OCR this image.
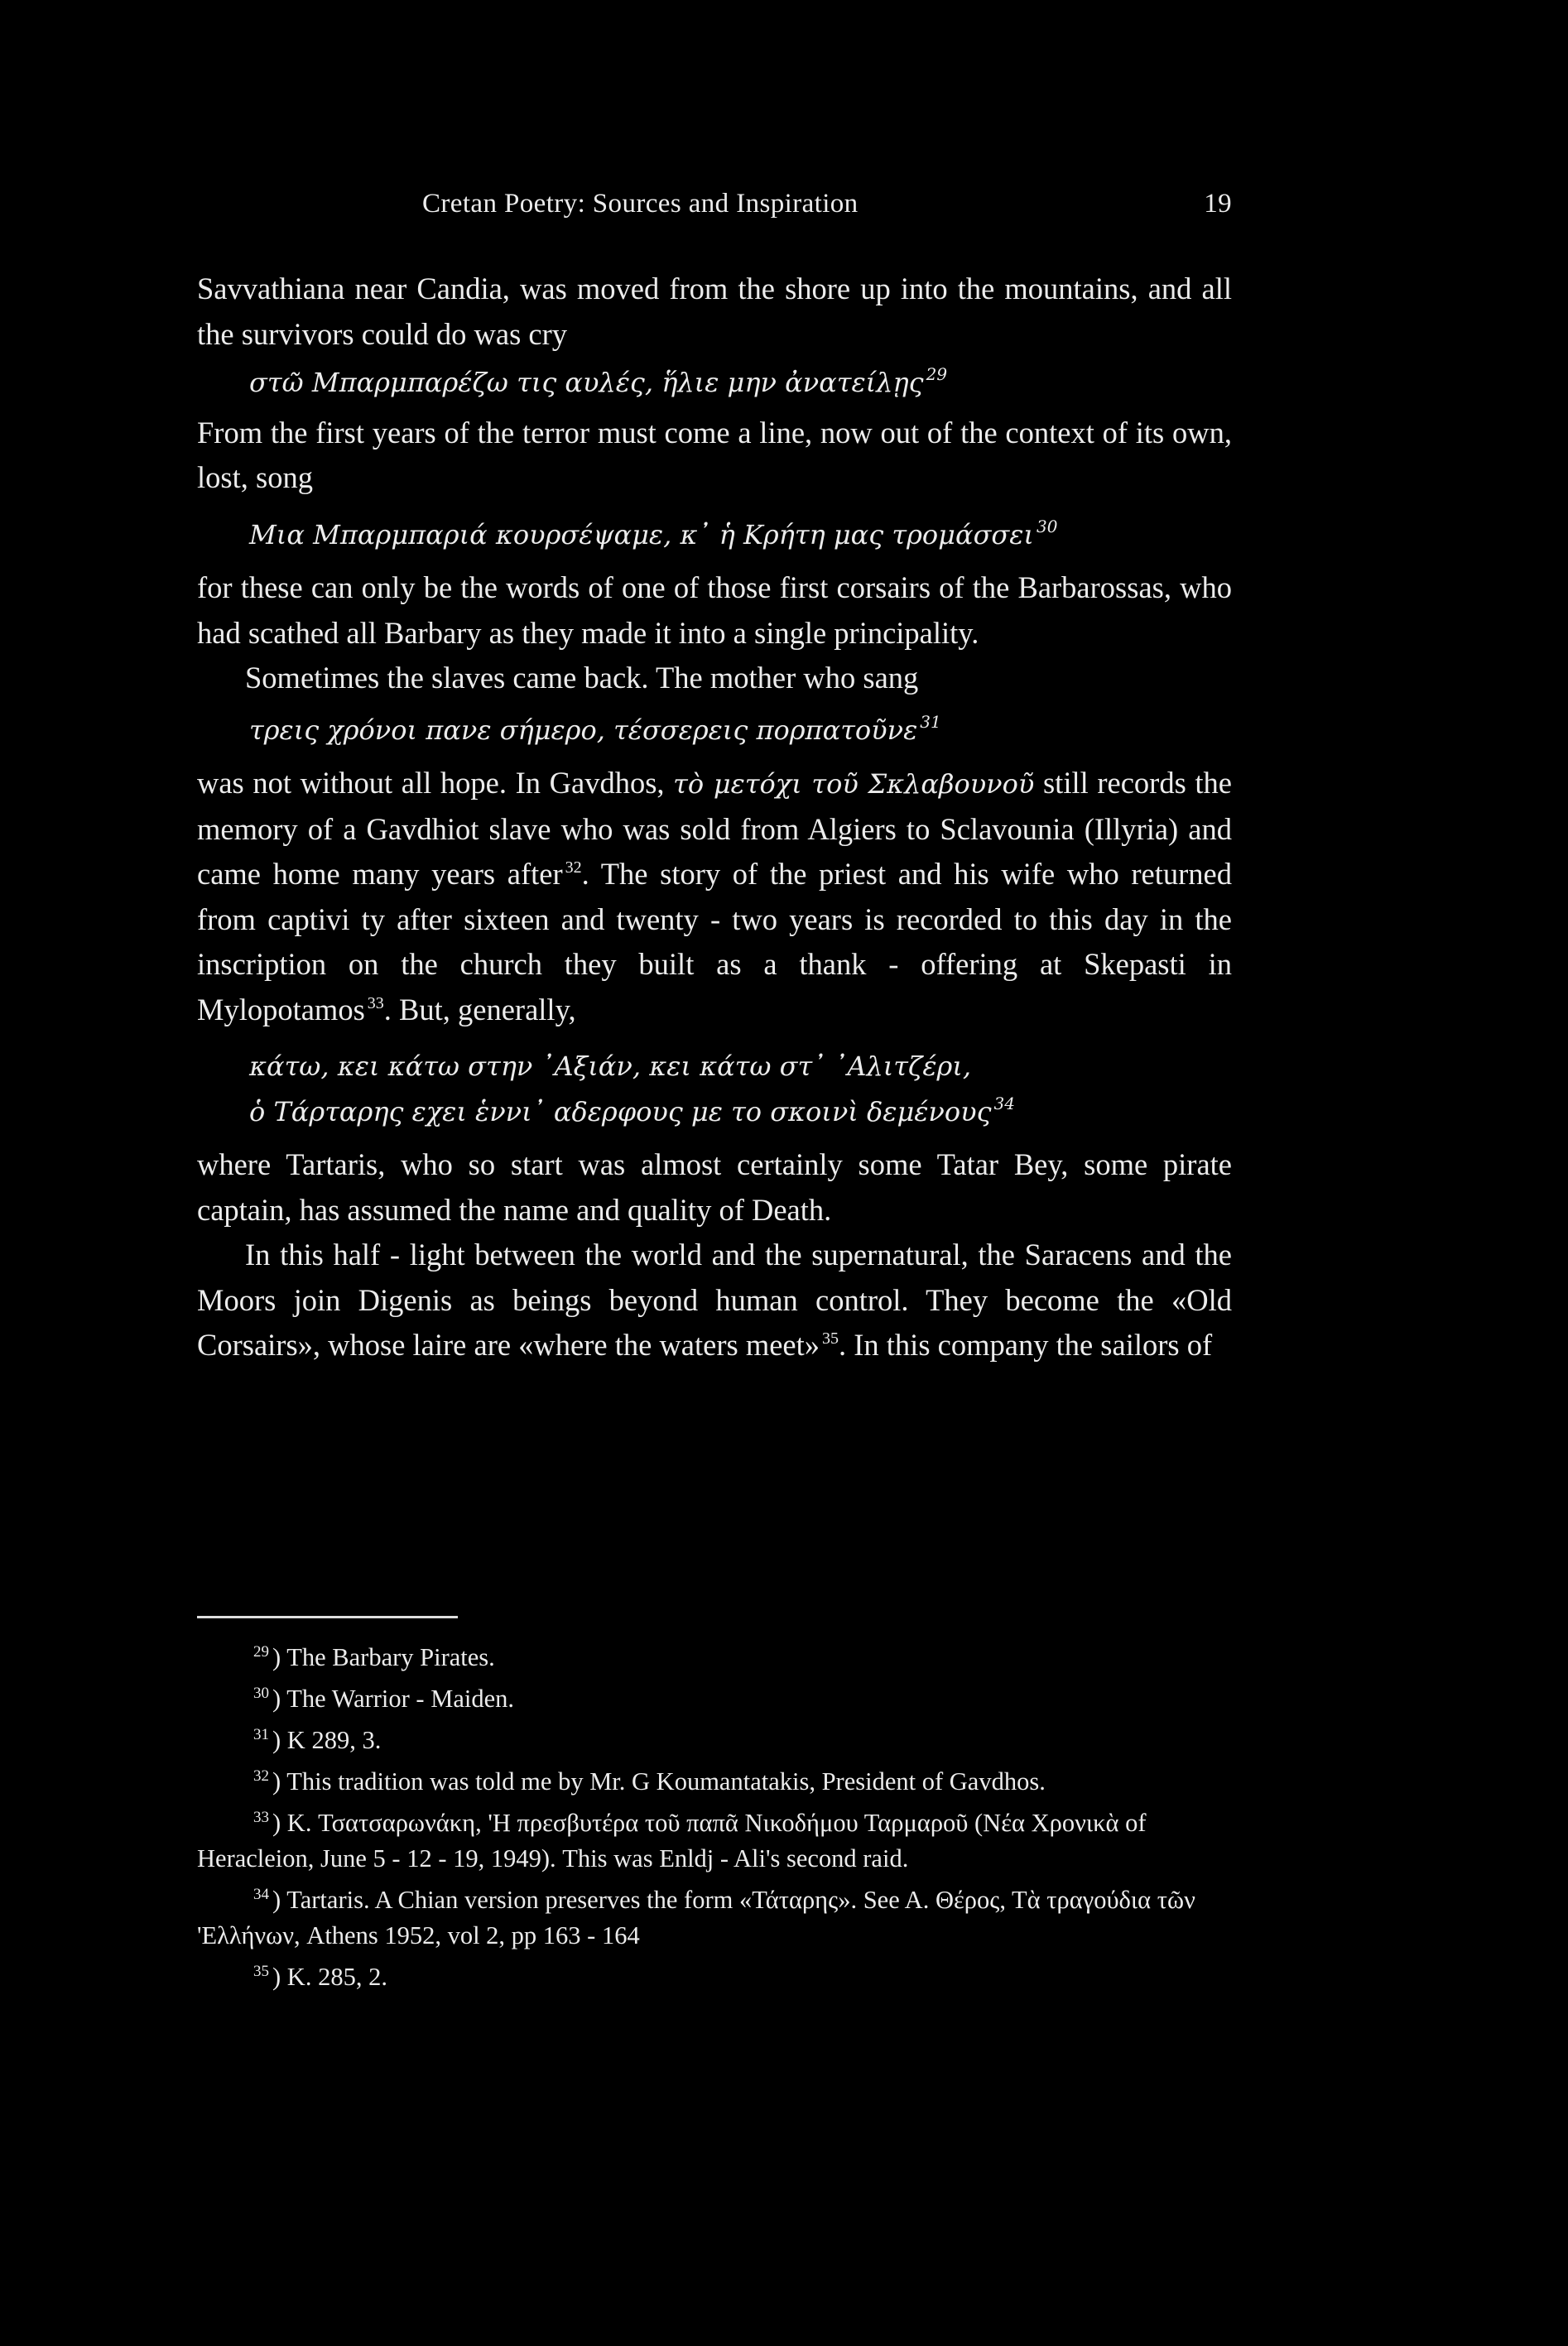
Cretan Poetry: Sources and Inspiration	19

Savvathiana near Candia, was moved from the shore up into the mountains, and all the survivors could do was cry

στῶ Μπαρμπαρέζω τις αυλές, ἥλιε μην ἀνατείλῃς $^{29}$

From the first years of the terror must come a line, now out of the context of its own, lost, song

Μια Μπαρμπαριά κουρσέψαμε, κ᾽ ἡ Κρήτη μας τρομάσσει $^{30}$

for these can only be the words of one of those first corsairs of the Barbarossas, who had scathed all Barbary as they made it into a single principality.

Sometimes the slaves came back. The mother who sang

τρεις χρόνοι πανε σήμερο, τέσσερεις πορπατοῦνε $^{31}$

was not without all hope. In Gavdhos, τὸ μετόχι τοῦ Σκλαβουνοῦ still records the memory of a Gavdhiot slave who was sold from Algiers to Sclavounia (Illyria) and came home many years after $^{32}$. The story of the priest and his wife who returned from captivi ty after sixteen and twenty - two years is recorded to this day in the inscription on the church they built as a thank - offering at Skepasti in Mylopotamos $^{33}$. But, generally,

κάτω, κει κάτω στην ᾿Αξιάν, κει κάτω στ᾽ ᾿Αλιτζέρι,

ὁ Τάρταρης εχει ἑννι᾽ αδερφους με το σκοινὶ δεμένους $^{34}$

where Tartaris, who so start was almost certainly some Tatar Bey, some pirate captain, has assumed the name and quality of Death.

In this half - light between the world and the supernatural, the Saracens and the Moors join Digenis as beings beyond human control. They become the «Old Corsairs», whose laire are «where the waters meet» $^{35}$. In this company the sailors of

$^{29}$ ) The Barbary Pirates.

$^{30}$ ) The Warrior - Maiden.

$^{31}$ ) K 289, 3.

$^{32}$ ) This tradition was told me by Mr. G Koumantatakis, President of Gavdhos.

$^{33}$ ) K. Τσατσαρωνάκη, 'Η πρεσβυτέρα τοῦ παπᾶ Νικοδήμου Ταρμαροῦ (Νέα Χρονικὰ of Heracleion, June 5 - 12 - 19, 1949). This was Enldj - Ali's second raid.

$^{34}$ ) Tartaris. A Chian version preserves the form «Τάταρης». See A. Θέρος, Τὰ τραγούδια τῶν 'Ελλήνων, Athens 1952, vol 2, pp 163 - 164

$^{35}$ ) K. 285, 2.
